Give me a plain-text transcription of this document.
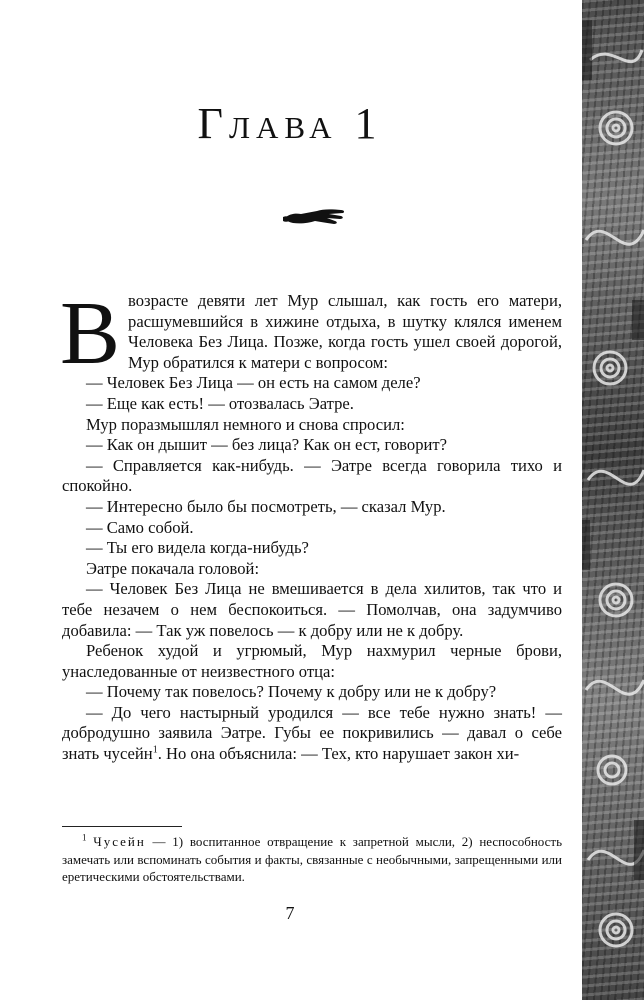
Глава 1
В возрасте девяти лет Мур слышал, как гость его матери, расшумевшийся в хижине отдыха, в шутку клялся именем Человека Без Лица. Позже, когда гость ушел своей дорогой, Мур обратился к матери с вопросом:

— Человек Без Лица — он есть на самом деле?

— Еще как есть! — отозвалась Эатре.

Мур поразмышлял немного и снова спросил:

— Как он дышит — без лица? Как он ест, говорит?

— Справляется как-нибудь. — Эатре всегда говорила тихо и спокойно.

— Интересно было бы посмотреть, — сказал Мур.

— Само собой.

— Ты его видела когда-нибудь?

Эатре покачала головой:

— Человек Без Лица не вмешивается в дела хилитов, так что и тебе незачем о нем беспокоиться. — Помолчав, она задумчиво добавила: — Так уж повелось — к добру или не к добру.

Ребенок худой и угрюмый, Мур нахмурил черные брови, унаследованные от неизвестного отца:

— Почему так повелось? Почему к добру или не к добру?

— До чего настырный уродился — все тебе нужно знать! — добродушно заявила Эатре. Губы ее покривились — давал о себе знать чусейн$^1$. Но она объяснила: — Тех, кто нарушает закон хи-

$^1$ Чусейн — 1) воспитанное отвращение к запретной мысли, 2) неспособность замечать или вспоминать события и факты, связанные с необычными, запрещенными или еретическими обстоятельствами.

7
